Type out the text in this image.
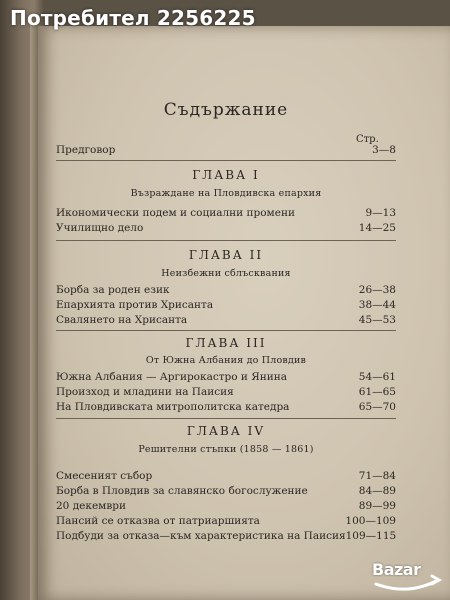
Потребител 2256225
Съдържание
Стр.
Предговор	3—8
ГЛАВА I
Възраждане на Пловдивска епархия
Икономически подем и социални промени	9—13
Училищно дело	14—25
ГЛАВА II
Неизбежни сблъсквания
Борба за роден език	26—38
Епархията против Хрисанта	38—44
Свалянето на Хрисанта	45—53
ГЛАВА III
От Южна Албания до Пловдив
Южна Албания — Аргирокастро и Янина	54—61
Произход и младини на Паисия	61—65
На Пловдивската митрополитска катедра	65—70
ГЛАВА IV
Решителни стъпки (1858 — 1861)
Смесеният събор	71—84
Борба в Пловдив за славянско богослужение	84—89
20 декември	89—99
Пансий се отказва от патриаршията	100—109
Подбуди за отказа—към характеристика на Паисия 109—115
Bazar
